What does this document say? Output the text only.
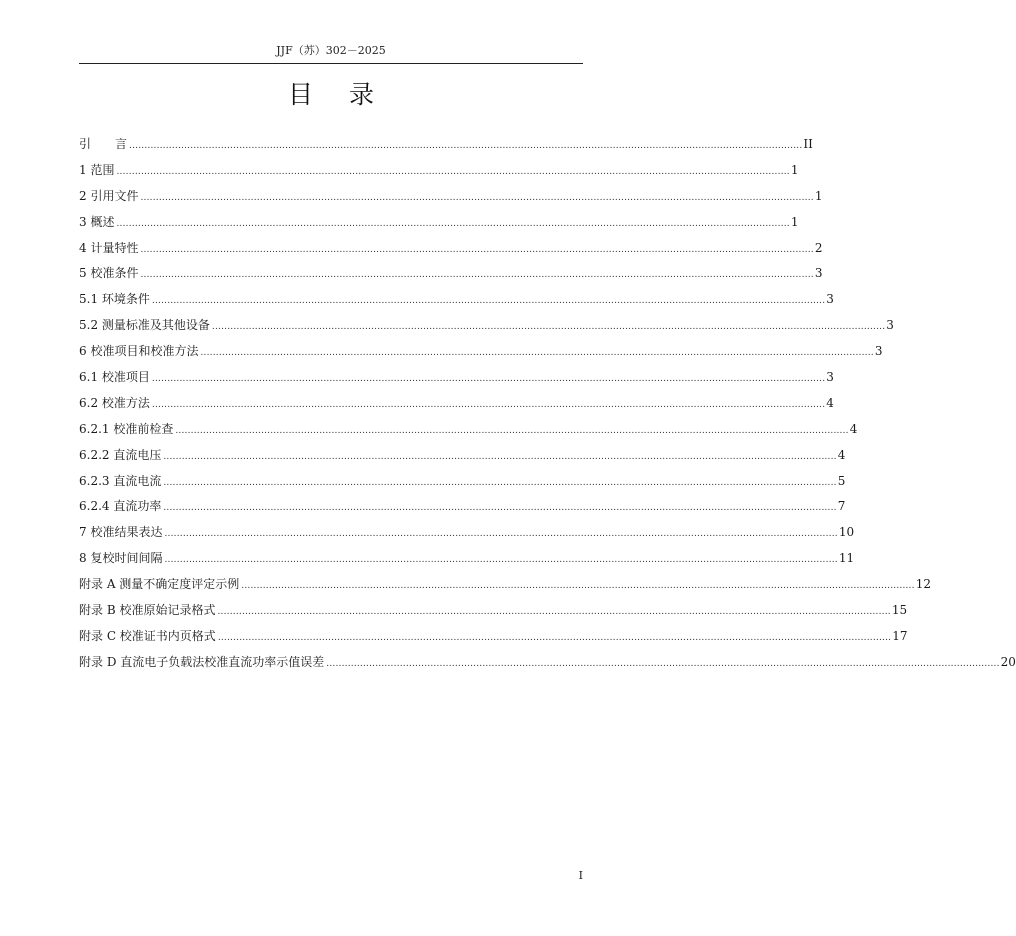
JJF（苏）302－2025
目录
引　　言 ............................................................................................................................................................................................................................ II
1 范围 ............................................................................................................................................................................................................................ 1
2 引用文件 ............................................................................................................................................................................................................................ 1
3 概述 ............................................................................................................................................................................................................................ 1
4 计量特性 ............................................................................................................................................................................................................................ 2
5 校准条件 ............................................................................................................................................................................................................................ 3
5.1 环境条件 ............................................................................................................................................................................................................................ 3
5.2 测量标准及其他设备 ............................................................................................................................................................................................................................ 3
6 校准项目和校准方法 ............................................................................................................................................................................................................................ 3
6.1 校准项目 ............................................................................................................................................................................................................................ 3
6.2 校准方法 ............................................................................................................................................................................................................................ 4
6.2.1 校准前检查 ............................................................................................................................................................................................................................ 4
6.2.2 直流电压 ............................................................................................................................................................................................................................ 4
6.2.3 直流电流 ............................................................................................................................................................................................................................ 5
6.2.4 直流功率 ............................................................................................................................................................................................................................ 7
7 校准结果表达 ............................................................................................................................................................................................................................ 10
8 复校时间间隔 ............................................................................................................................................................................................................................ 11
附录 A 测量不确定度评定示例 ............................................................................................................................................................................................................................ 12
附录 B 校准原始记录格式 ............................................................................................................................................................................................................................ 15
附录 C 校准证书内页格式 ............................................................................................................................................................................................................................ 17
附录 D 直流电子负载法校准直流功率示值误差 ............................................................................................................................................................................................................................ 20
I
